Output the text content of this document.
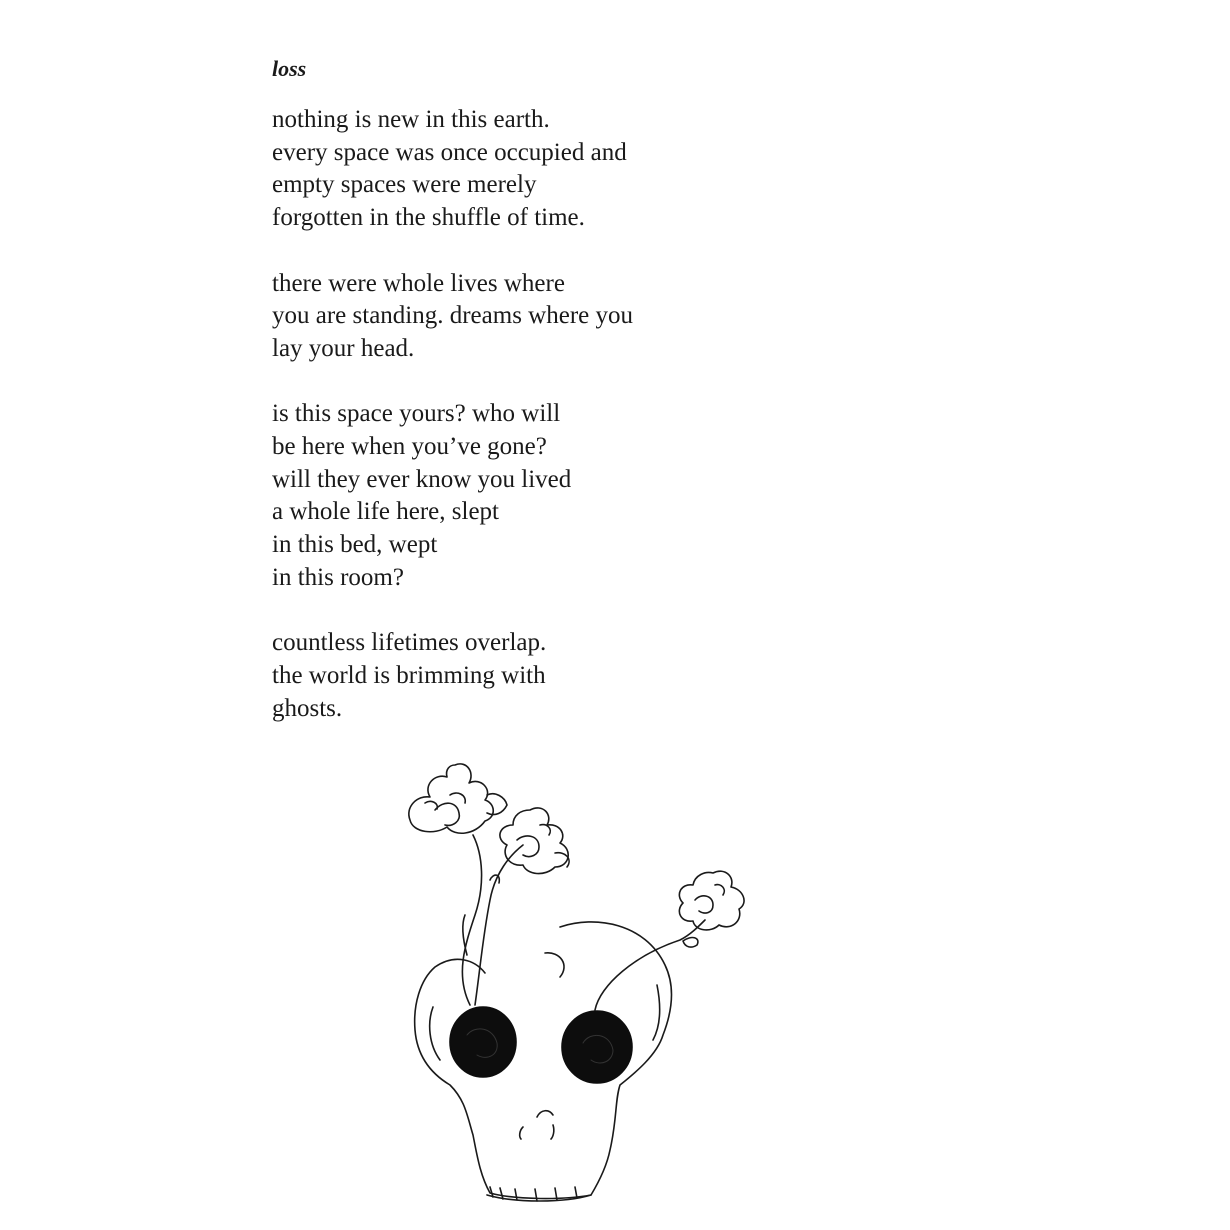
loss

nothing is new in this earth.
every space was once occupied and
empty spaces were merely
forgotten in the shuffle of time.

there were whole lives where
you are standing. dreams where you
lay your head.

is this space yours? who will
be here when you’ve gone?
will they ever know you lived
a whole life here, slept
in this bed, wept
in this room?

countless lifetimes overlap.
the world is brimming with
ghosts.
